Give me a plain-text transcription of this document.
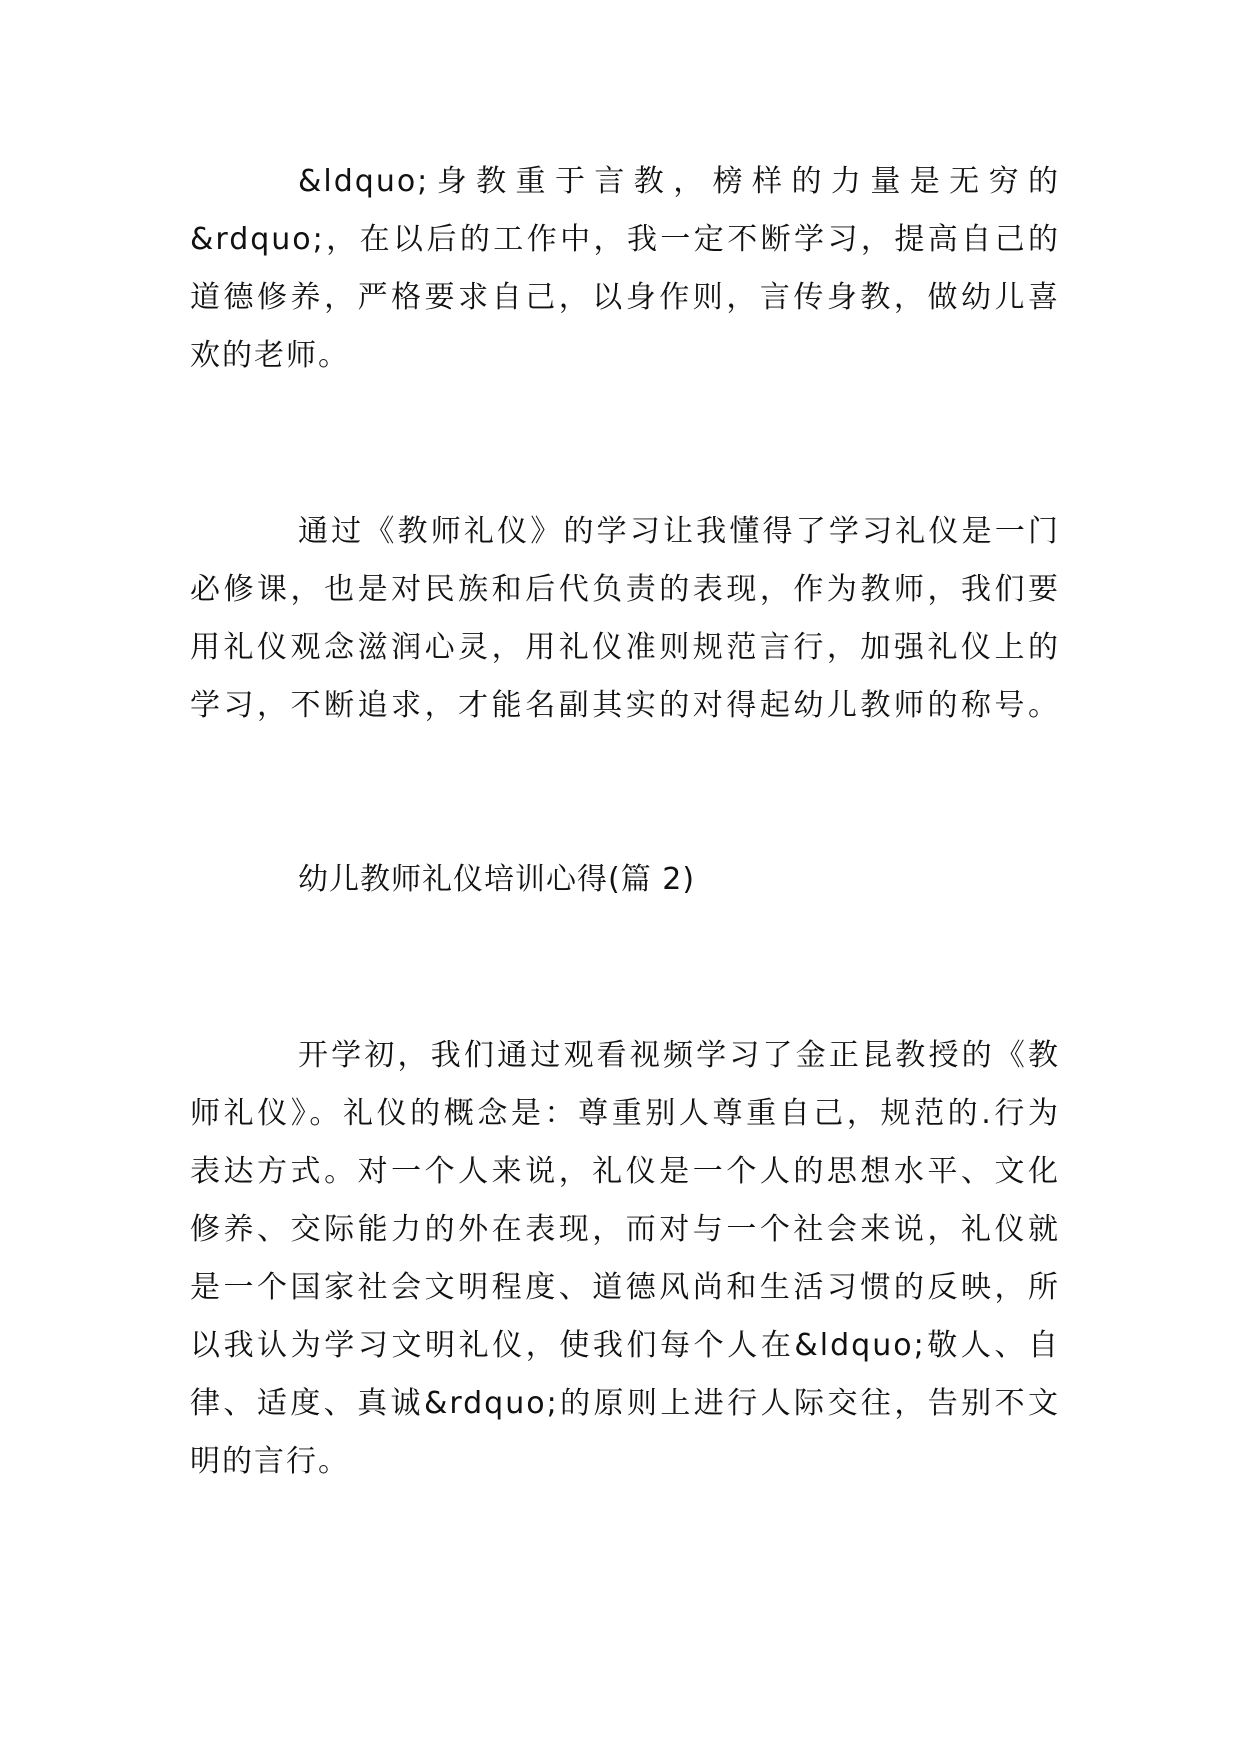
&ldquo;身教重于言教，榜样的力量是无穷的
&rdquo;，在以后的工作中，我一定不断学习，提高自己的
道德修养，严格要求自己，以身作则，言传身教，做幼儿喜
欢的老师。
通过《教师礼仪》的学习让我懂得了学习礼仪是一门
必修课，也是对民族和后代负责的表现，作为教师，我们要
用礼仪观念滋润心灵，用礼仪准则规范言行，加强礼仪上的
学习，不断追求，才能名副其实的对得起幼儿教师的称号。
幼儿教师礼仪培训心得(篇 2)
开学初，我们通过观看视频学习了金正昆教授的《教
师礼仪》。礼仪的概念是：尊重别人尊重自己，规范的.行为
表达方式。对一个人来说，礼仪是一个人的思想水平、文化
修养、交际能力的外在表现，而对与一个社会来说，礼仪就
是一个国家社会文明程度、道德风尚和生活习惯的反映，所
以我认为学习文明礼仪，使我们每个人在&ldquo;敬人、自
律、适度、真诚&rdquo;的原则上进行人际交往，告别不文
明的言行。
